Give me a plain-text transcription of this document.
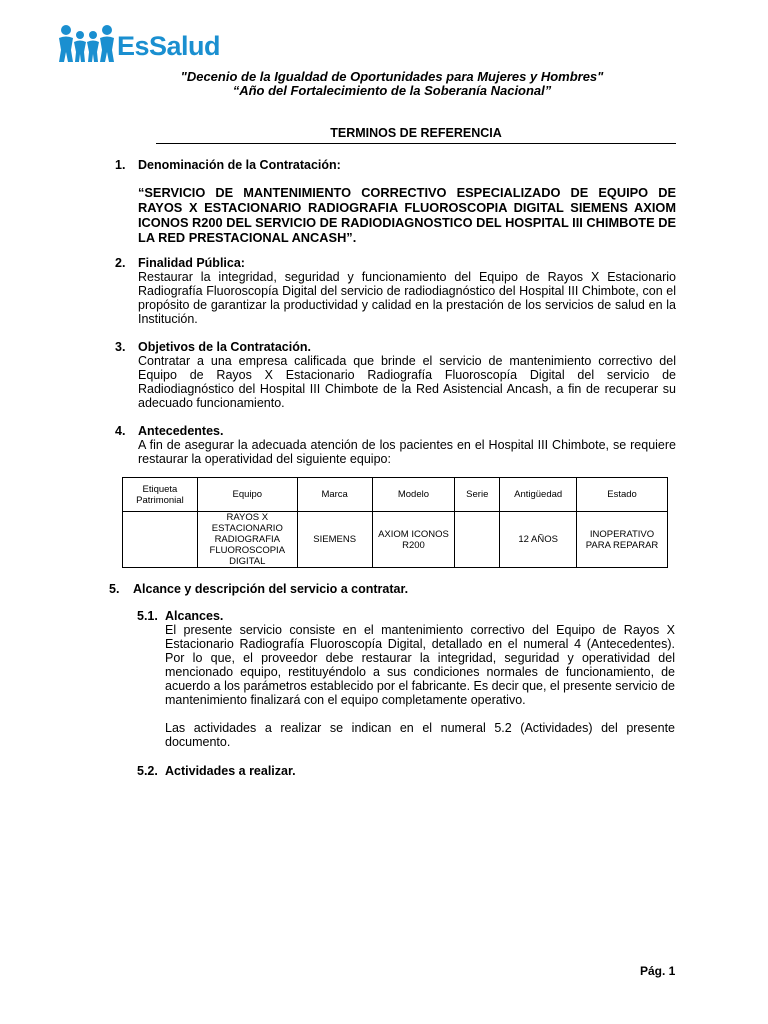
EsSalud
"Decenio de la Igualdad de Oportunidades para Mujeres y Hombres"
“Año del Fortalecimiento de la Soberanía Nacional”
TERMINOS DE REFERENCIA
1. Denominación de la Contratación:
“SERVICIO DE MANTENIMIENTO CORRECTIVO ESPECIALIZADO DE EQUIPO DE RAYOS X ESTACIONARIO RADIOGRAFIA FLUOROSCOPIA DIGITAL SIEMENS AXIOM ICONOS R200 DEL SERVICIO DE RADIODIAGNOSTICO DEL HOSPITAL III CHIMBOTE DE LA RED PRESTACIONAL ANCASH”.
2. Finalidad Pública:
Restaurar la integridad, seguridad y funcionamiento del Equipo de Rayos X Estacionario Radiografía Fluoroscopía Digital del servicio de radiodiagnóstico del Hospital III Chimbote, con el propósito de garantizar la productividad y calidad en la prestación de los servicios de salud en la Institución.
3. Objetivos de la Contratación.
Contratar a una empresa calificada que brinde el servicio de mantenimiento correctivo del Equipo de Rayos X Estacionario Radiografía Fluoroscopía Digital del servicio de Radiodiagnóstico del Hospital III Chimbote de la Red Asistencial Ancash, a fin de recuperar su adecuado funcionamiento.
4. Antecedentes.
A fin de asegurar la adecuada atención de los pacientes en el Hospital III Chimbote, se requiere restaurar la operatividad del siguiente equipo:
Etiqueta Patrimonial	Equipo	Marca	Modelo	Serie	Antigüedad	Estado
	RAYOS X ESTACIONARIO RADIOGRAFIA FLUOROSCOPIA DIGITAL	SIEMENS	AXIOM ICONOS R200		12 AÑOS	INOPERATIVO PARA REPARAR
5. Alcance y descripción del servicio a contratar.
5.1. Alcances.
El presente servicio consiste en el mantenimiento correctivo del Equipo de Rayos X Estacionario Radiografía Fluoroscopía Digital, detallado en el numeral 4 (Antecedentes). Por lo que, el proveedor debe restaurar la integridad, seguridad y operatividad del mencionado equipo, restituyéndolo a sus condiciones normales de funcionamiento, de acuerdo a los parámetros establecido por el fabricante. Es decir que, el presente servicio de mantenimiento finalizará con el equipo completamente operativo.
Las actividades a realizar se indican en el numeral 5.2 (Actividades) del presente documento.
5.2. Actividades a realizar.
Pág. 1
